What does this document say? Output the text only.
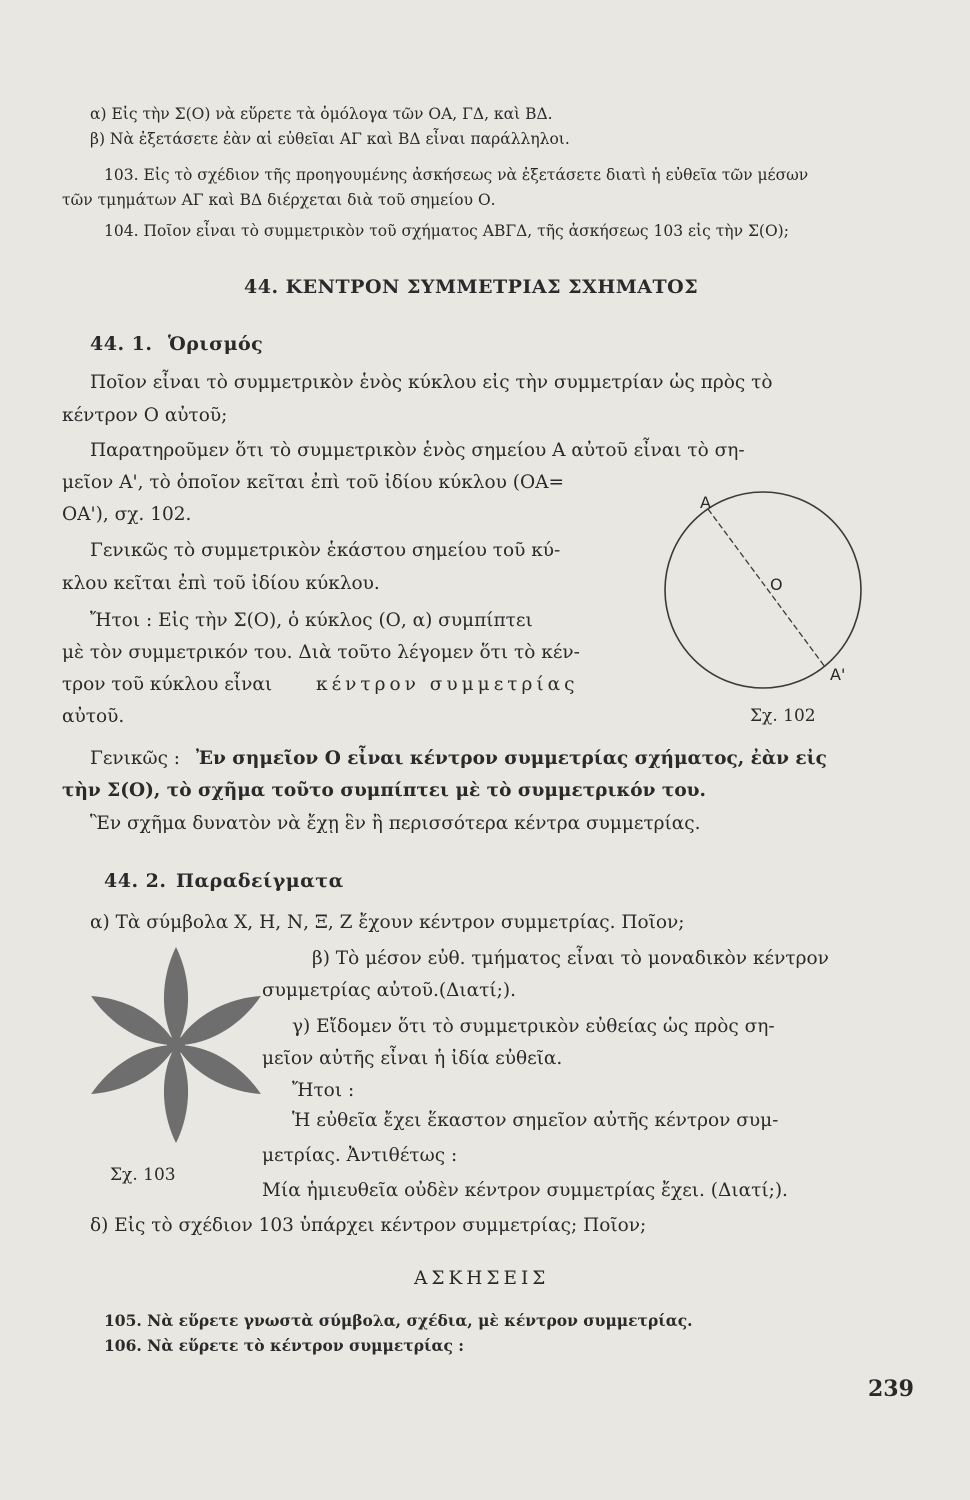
α) Εἰς τὴν Σ(Ο) νὰ εὕρετε τὰ ὁμόλογα τῶν ΟΑ, ΓΔ, καὶ ΒΔ.
β) Νὰ ἐξετάσετε ἐὰν αἱ εὐθεῖαι ΑΓ καὶ ΒΔ εἶναι παράλληλοι.
103. Εἰς τὸ σχέδιον τῆς προηγουμένης ἀσκήσεως νὰ ἐξετάσετε διατὶ ἡ εὐθεῖα τῶν μέσων
τῶν τμημάτων ΑΓ καὶ ΒΔ διέρχεται διὰ τοῦ σημείου Ο.
104. Ποῖον εἶναι τὸ συμμετρικὸν τοῦ σχήματος ΑΒΓΔ, τῆς ἀσκήσεως 103 εἰς τὴν Σ(Ο);
44. ΚΕΝΤΡΟΝ ΣΥΜΜΕΤΡΙΑΣ ΣΧΗΜΑΤΟΣ
44. 1. Ὁρισμός
Ποῖον εἶναι τὸ συμμετρικὸν ἑνὸς κύκλου εἰς τὴν συμμετρίαν ὡς πρὸς τὸ
κέντρον Ο αὐτοῦ;
Παρατηροῦμεν ὅτι τὸ συμμετρικὸν ἑνὸς σημείου Α αὐτοῦ εἶναι τὸ ση-
μεῖον Α', τὸ ὁποῖον κεῖται ἐπὶ τοῦ ἰδίου κύκλου (ΟΑ=
ΟΑ'), σχ. 102.
Γενικῶς τὸ συμμετρικὸν ἑκάστου σημείου τοῦ κύ-
κλου κεῖται ἐπὶ τοῦ ἰδίου κύκλου.
Ἤτοι : Εἰς τὴν Σ(Ο), ὁ κύκλος (Ο, α) συμπίπτει
μὲ τὸν συμμετρικόν του. Διὰ τοῦτο λέγομεν ὅτι τὸ κέν-
τρον τοῦ κύκλου εἶναι κέντρον συμμετρίας
αὐτοῦ.
Α
Ο
Α'
Σχ. 102
Γενικῶς : Ἐν σημεῖον Ο εἶναι κέντρον συμμετρίας σχήματος, ἐὰν εἰς
τὴν Σ(Ο), τὸ σχῆμα τοῦτο συμπίπτει μὲ τὸ συμμετρικόν του.
Ἓν σχῆμα δυνατὸν νὰ ἔχῃ ἓν ἢ περισσότερα κέντρα συμμετρίας.
44. 2. Παραδείγματα
α) Τὰ σύμβολα Χ, Η, Ν, Ξ, Ζ ἔχουν κέντρον συμμετρίας. Ποῖον;
β) Τὸ μέσον εὐθ. τμήματος εἶναι τὸ μοναδικὸν κέντρον
συμμετρίας αὐτοῦ.(Διατί;).
γ) Εἴδομεν ὅτι τὸ συμμετρικὸν εὐθείας ὡς πρὸς ση-
μεῖον αὐτῆς εἶναι ἡ ἰδία εὐθεῖα.
Ἤτοι :
Ἡ εὐθεῖα ἔχει ἕκαστον σημεῖον αὐτῆς κέντρον συμ-
μετρίας. Ἀντιθέτως :
Μία ἡμιευθεῖα οὐδὲν κέντρον συμμετρίας ἔχει. (Διατί;).
δ) Εἰς τὸ σχέδιον 103 ὑπάρχει κέντρον συμμετρίας; Ποῖον;
Σχ. 103
ΑΣΚΗΣΕΙΣ
105. Νὰ εὕρετε γνωστὰ σύμβολα, σχέδια, μὲ κέντρον συμμετρίας.
106. Νὰ εὕρετε τὸ κέντρον συμμετρίας :
239
